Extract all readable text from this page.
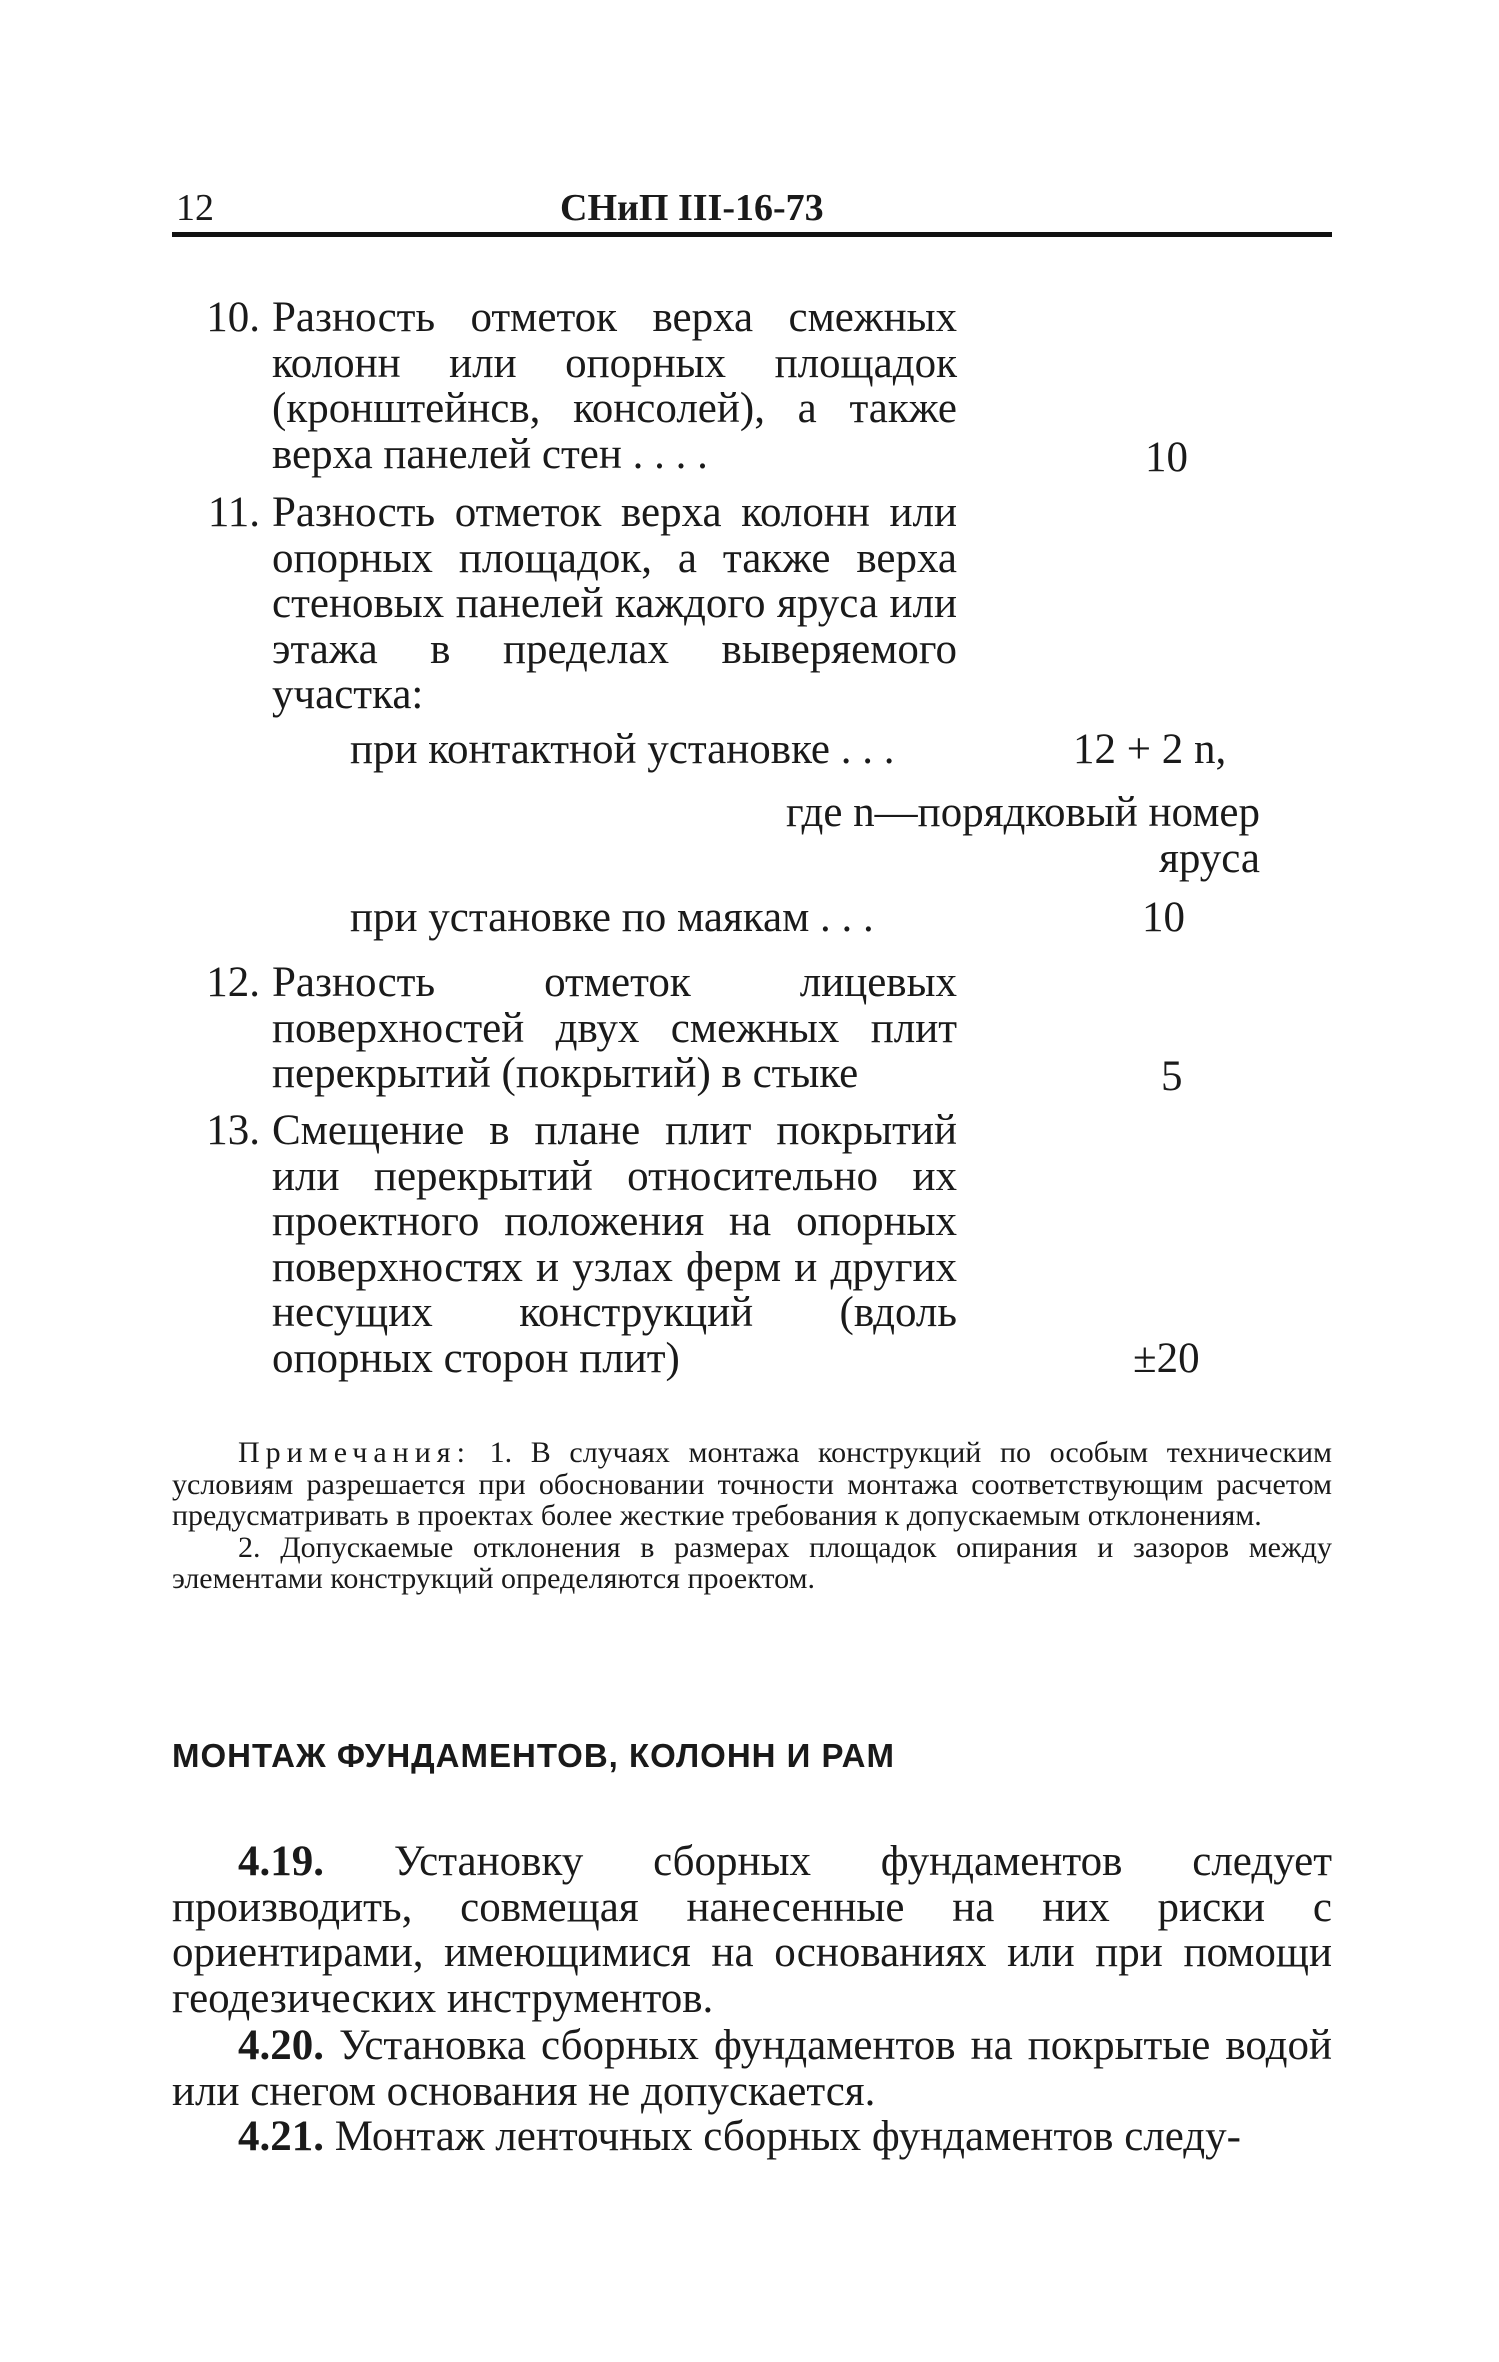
12	СНиП III-16-73
10. Разность отметок верха смежных колонн или опорных площадок (кронштейнсв, консолей), а также верха панелей стен . . . .	10
11. Разность отметок верха колонн или опорных площадок, а также верха стеновых панелей каждого яруса или этажа в пределах выверяемого участка:
при контактной установке . . .	12 + 2 n,
где n—порядковый номер яруса
при установке по маякам . . .	10
12. Разность отметок лицевых поверхностей двух смежных плит перекрытий (покрытий) в стыке	5
13. Смещение в плане плит покрытий или перекрытий относительно их проектного положения на опорных поверхностях и узлах ферм и других несущих конструкций (вдоль опорных сторон плит)	±20

Примечания: 1. В случаях монтажа конструкций по особым техническим условиям разрешается при обосновании точности монтажа соответствующим расчетом предусматривать в проектах более жесткие требования к допускаемым отклонениям.

2. Допускаемые отклонения в размерах площадок опирания и зазоров между элементами конструкций определяются проектом.

МОНТАЖ ФУНДАМЕНТОВ, КОЛОНН И РАМ
4.19. Установку сборных фундаментов следует производить, совмещая нанесенные на них риски с ориентирами, имеющимися на основаниях или при помощи геодезических инструментов.
4.20. Установка сборных фундаментов на покрытые водой или снегом основания не допускается.
4.21. Монтаж ленточных сборных фундаментов следу-
